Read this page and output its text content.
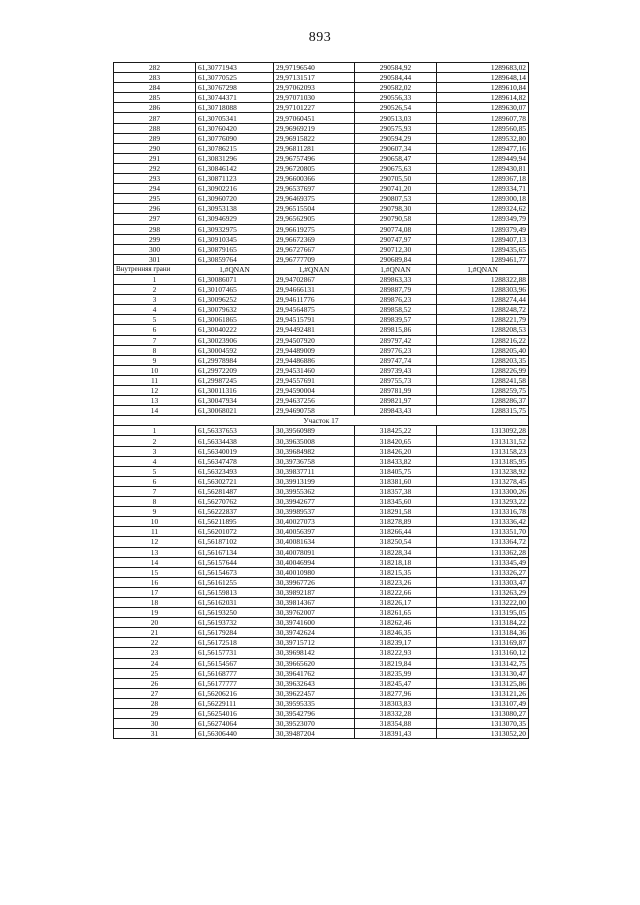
893
282	61,30771943	29,97196540	290584,92	1289683,02
283	61,30770525	29,97131517	290584,44	1289648,14
284	61,30767298	29,97062093	290582,02	1289610,84
285	61,30744371	29,97071030	290556,33	1289614,82
286	61,30718088	29,97101227	290526,54	1289630,07
287	61,30705341	29,97060451	290513,03	1289607,78
288	61,30760420	29,96969219	290575,93	1289560,85
289	61,30776090	29,96915822	290594,29	1289532,80
290	61,30786215	29,96811281	290607,34	1289477,16
291	61,30831296	29,96757496	290658,47	1289449,94
292	61,30846142	29,96720805	290675,63	1289430,81
293	61,30871123	29,96600366	290705,50	1289367,18
294	61,30902216	29,96537697	290741,20	1289334,71
295	61,30960720	29,96469375	290807,53	1289300,18
296	61,30953138	29,96515504	290798,30	1289324,62
297	61,30946929	29,96562905	290790,58	1289349,79
298	61,30932975	29,96619275	290774,08	1289379,49
299	61,30910345	29,96672369	290747,97	1289407,13
300	61,30879165	29,96727667	290712,30	1289435,65
301	61,30859764	29,96777709	290689,84	1289461,77
Внутренняя грани	1,#QNAN	1,#QNAN	1,#QNAN	1,#QNAN
1	61,30086071	29,94702867	289863,33	1288322,88
2	61,30107465	29,94666131	289887,79	1288303,96
3	61,30096252	29,94611776	289876,23	1288274,44
4	61,30079632	29,94564875	289858,52	1288248,72
5	61,30061865	29,94515791	289839,57	1288221,79
6	61,30040222	29,94492481	289815,86	1288208,53
7	61,30023906	29,94507920	289797,42	1288216,22
8	61,30004592	29,94489009	289776,23	1288205,40
9	61,29978984	29,94486886	289747,74	1288203,35
10	61,29972209	29,94531460	289739,43	1288226,99
11	61,29987245	29,94557691	289755,73	1288241,58
12	61,30011316	29,94590004	289781,99	1288259,75
13	61,30047934	29,94637256	289821,97	1288286,37
14	61,30068021	29,94690758	289843,43	1288315,75
Участок 17				
1	61,56337653	30,39560989	318425,22	1313092,28
2	61,56334438	30,39635008	318420,65	1313131,52
3	61,56340019	30,39684982	318426,20	1313158,23
4	61,56347478	30,39736758	318433,82	1313185,95
5	61,56323493	30,39837711	318405,75	1313238,92
6	61,56302721	30,39913199	318381,60	1313278,45
7	61,56281487	30,39955362	318357,38	1313300,26
8	61,56270762	30,39942677	318345,60	1313293,22
9	61,56222837	30,39989537	318291,58	1313316,78
10	61,56211895	30,40027073	318278,89	1313336,42
11	61,56201072	30,40056397	318266,44	1313351,70
12	61,56187102	30,40081634	318250,54	1313364,72
13	61,56167134	30,40078091	318228,34	1313362,28
14	61,56157644	30,40046994	318218,18	1313345,49
15	61,56154673	30,40010980	318215,35	1313326,27
16	61,56161255	30,39967726	318223,26	1313303,47
17	61,56159813	30,39892187	318222,66	1313263,29
18	61,56162031	30,39814367	318226,17	1313222,00
19	61,56193250	30,39762007	318261,65	1313195,05
20	61,56193732	30,39741600	318262,46	1313184,22
21	61,56179284	30,39742624	318246,35	1313184,36
22	61,56172518	30,39715712	318239,17	1313169,87
23	61,56157731	30,39698142	318222,93	1313160,12
24	61,56154567	30,39665620	318219,84	1313142,75
25	61,56168777	30,39641762	318235,99	1313130,47
26	61,56177777	30,39632643	318245,47	1313125,86
27	61,56206216	30,39622457	318277,96	1313121,26
28	61,56229111	30,39595335	318303,83	1313107,49
29	61,56254016	30,39542796	318332,28	1313080,27
30	61,56274064	30,39523070	318354,88	1313070,35
31	61,56306440	30,39487204	318391,43	1313052,20
